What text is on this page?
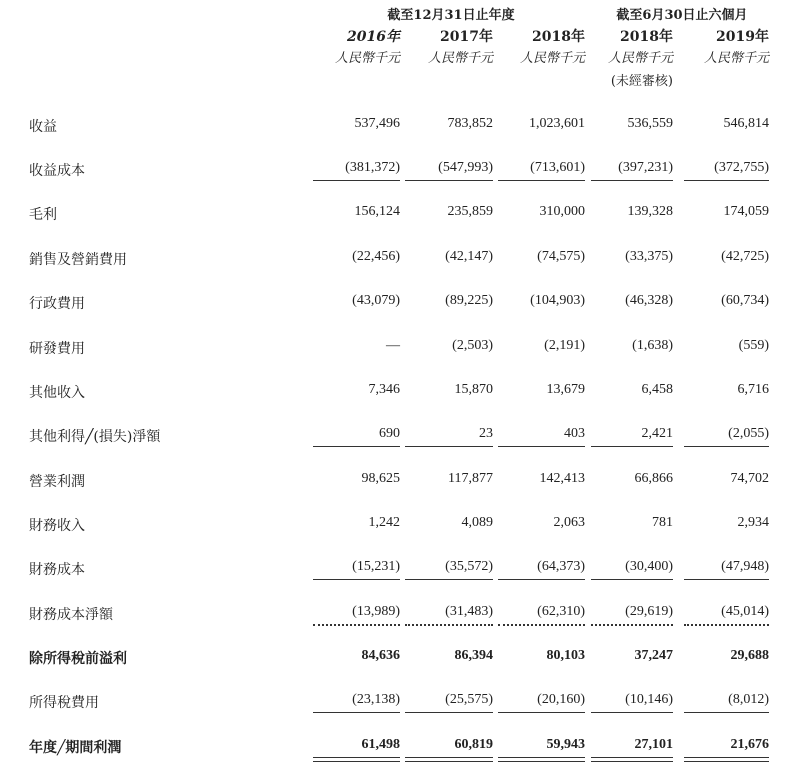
截至12月31日止年度	截至6月30日止六個月
2016年	2017年	2018年	2018年	2019年
人民幣千元	人民幣千元	人民幣千元	人民幣千元	人民幣千元
(未經審核)
收益	537,496	783,852	1,023,601	536,559	546,814
收益成本	(381,372)	(547,993)	(713,601)	(397,231)	(372,755)
毛利	156,124	235,859	310,000	139,328	174,059
銷售及營銷費用	(22,456)	(42,147)	(74,575)	(33,375)	(42,725)
行政費用	(43,079)	(89,225)	(104,903)	(46,328)	(60,734)
研發費用	—	(2,503)	(2,191)	(1,638)	(559)
其他收入	7,346	15,870	13,679	6,458	6,716
其他利得╱(損失)淨額	690	23	403	2,421	(2,055)
營業利潤	98,625	117,877	142,413	66,866	74,702
財務收入	1,242	4,089	2,063	781	2,934
財務成本	(15,231)	(35,572)	(64,373)	(30,400)	(47,948)
財務成本淨額	(13,989)	(31,483)	(62,310)	(29,619)	(45,014)
除所得稅前溢利	84,636	86,394	80,103	37,247	29,688
所得稅費用	(23,138)	(25,575)	(20,160)	(10,146)	(8,012)
年度╱期間利潤	61,498	60,819	59,943	27,101	21,676
